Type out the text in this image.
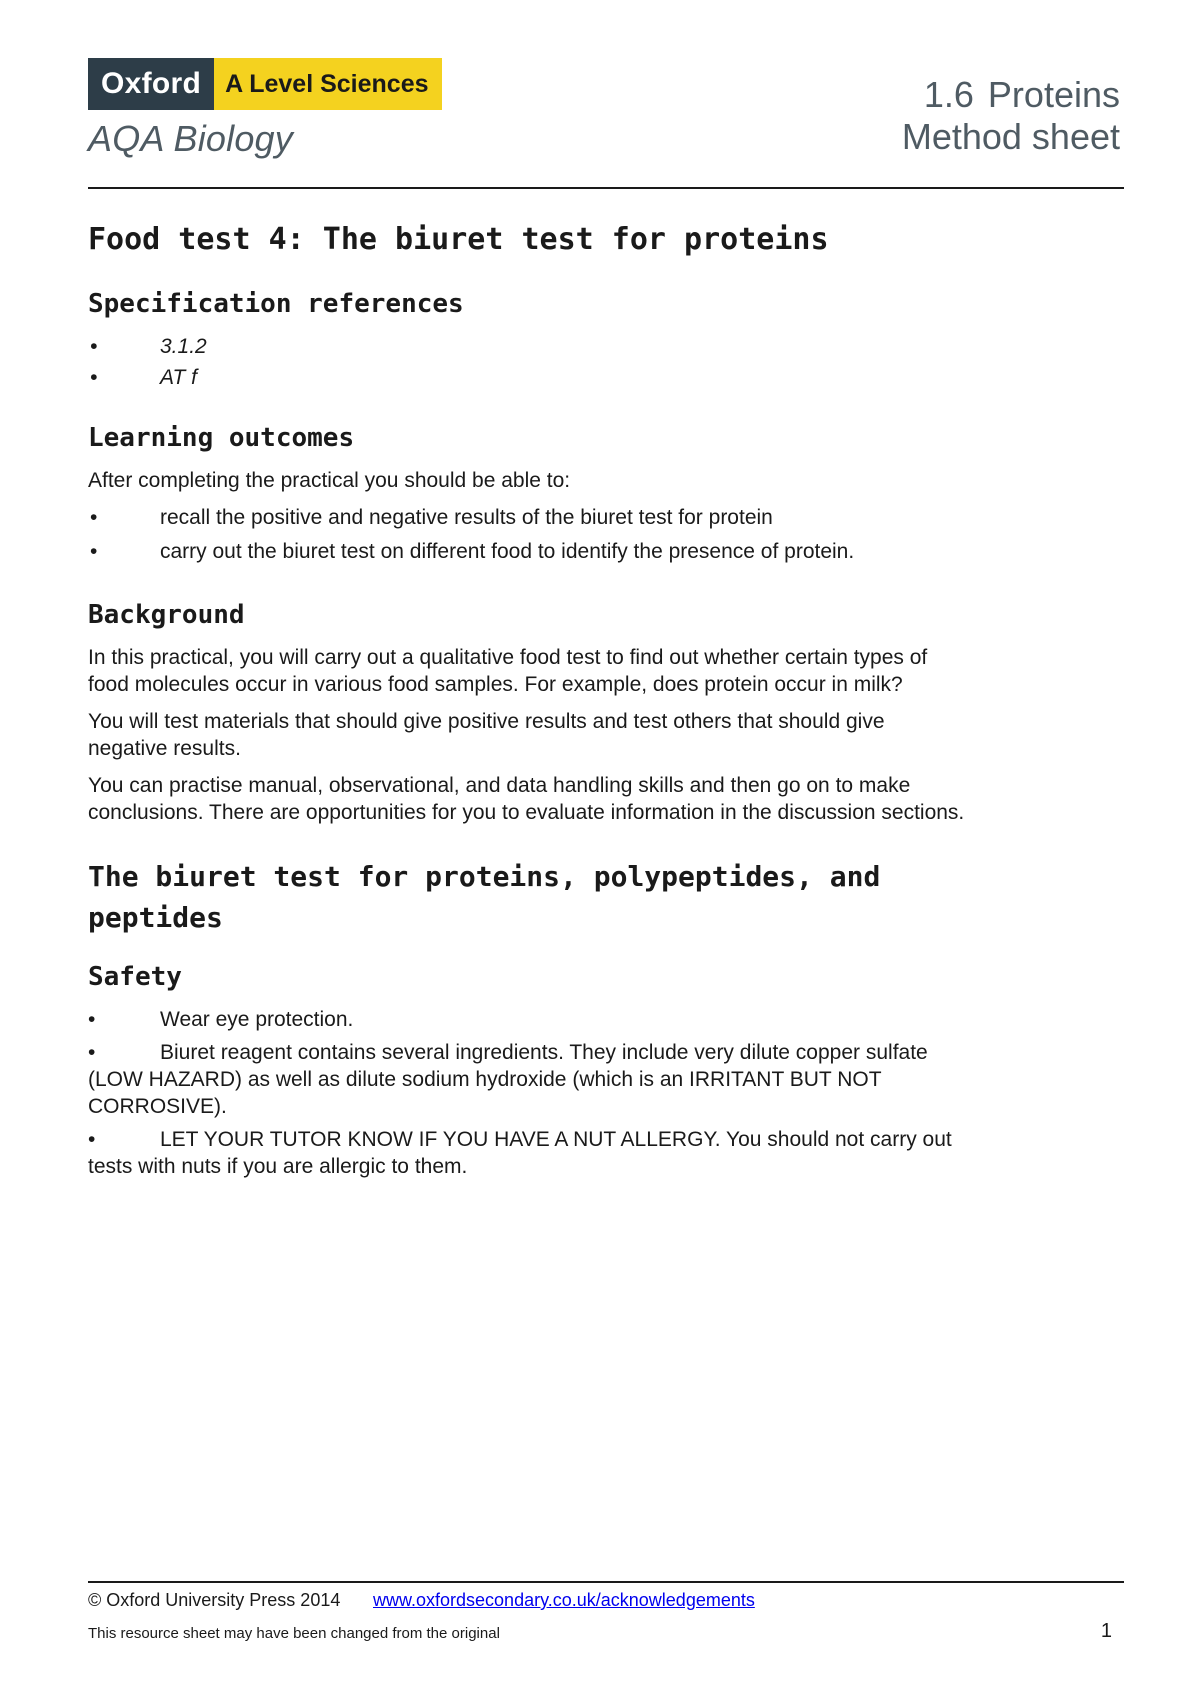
Oxford A Level Sciences
AQA Biology
1.6 Proteins
Method sheet
Food test 4: The biuret test for proteins
Specification references
• 3.1.2
• AT f
Learning outcomes

After completing the practical you should be able to:

• recall the positive and negative results of the biuret test for protein
• carry out the biuret test on different food to identify the presence of protein.
Background

In this practical, you will carry out a qualitative food test to find out whether certain types of food molecules occur in various food samples. For example, does protein occur in milk?

You will test materials that should give positive results and test others that should give negative results.

You can practise manual, observational, and data handling skills and then go on to make conclusions. There are opportunities for you to evaluate information in the discussion sections.

The biuret test for proteins, polypeptides, and peptides
Safety
•	Wear eye protection.
•	Biuret reagent contains several ingredients. They include very dilute copper sulfate (LOW HAZARD) as well as dilute sodium hydroxide (which is an IRRITANT BUT NOT CORROSIVE).
•	LET YOUR TUTOR KNOW IF YOU HAVE A NUT ALLERGY. You should not carry out tests with nuts if you are allergic to them.
© Oxford University Press 2014 www.oxfordsecondary.co.uk/acknowledgements
This resource sheet may have been changed from the original	1
